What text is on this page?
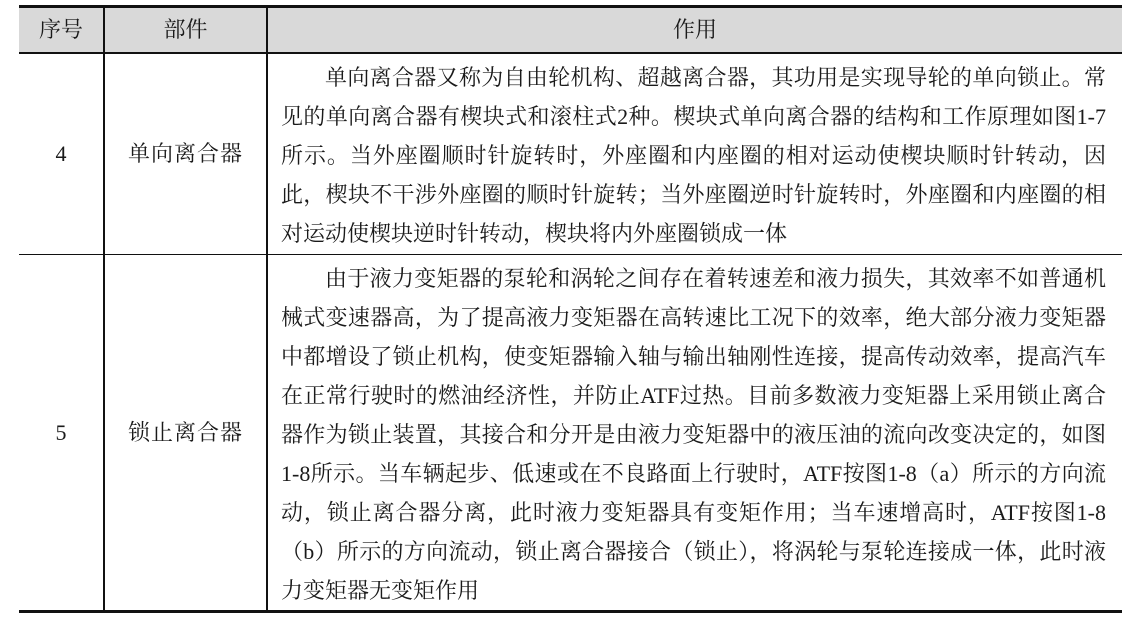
序号	部件	作用
4	单向离合器	单向离合器又称为自由轮机构、超越离合器，其功用是实现导轮的单向锁止。常见的单向离合器有楔块式和滚柱式2种。楔块式单向离合器的结构和工作原理如图1-7所示。当外座圈顺时针旋转时，外座圈和内座圈的相对运动使楔块顺时针转动，因此，楔块不干涉外座圈的顺时针旋转；当外座圈逆时针旋转时，外座圈和内座圈的相对运动使楔块逆时针转动，楔块将内外座圈锁成一体

5	锁止离合器	由于液力变矩器的泵轮和涡轮之间存在着转速差和液力损失，其效率不如普通机械式变速器高，为了提高液力变矩器在高转速比工况下的效率，绝大部分液力变矩器中都增设了锁止机构，使变矩器输入轴与输出轴刚性连接，提高传动效率，提高汽车在正常行驶时的燃油经济性，并防止ATF过热。目前多数液力变矩器上采用锁止离合器作为锁止装置，其接合和分开是由液力变矩器中的液压油的流向改变决定的，如图1-8所示。当车辆起步、低速或在不良路面上行驶时，ATF按图1-8（a）所示的方向流动，锁止离合器分离，此时液力变矩器具有变矩作用；当车速增高时，ATF按图1-8（b）所示的方向流动，锁止离合器接合（锁止），将涡轮与泵轮连接成一体，此时液力变矩器无变矩作用
